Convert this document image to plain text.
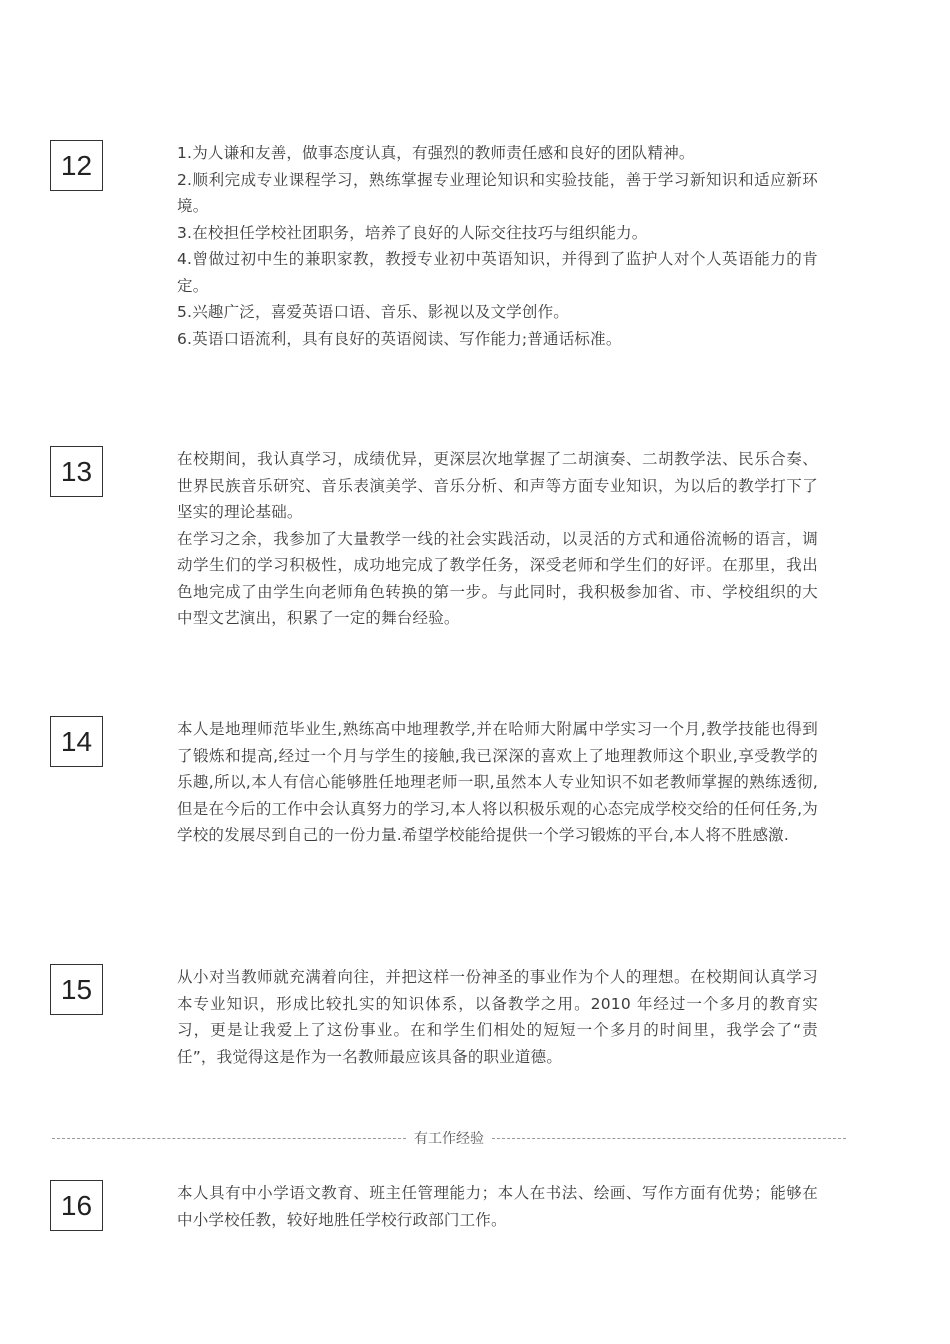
12	1.为人谦和友善，做事态度认真，有强烈的教师责任感和良好的团队精神。

2.顺利完成专业课程学习，熟练掌握专业理论知识和实验技能，善于学习新知识和适应新环境。

3.在校担任学校社团职务，培养了良好的人际交往技巧与组织能力。

4.曾做过初中生的兼职家教，教授专业初中英语知识，并得到了监护人对个人英语能力的肯定。

5.兴趣广泛，喜爱英语口语、音乐、影视以及文学创作。

6.英语口语流利，具有良好的英语阅读、写作能力;普通话标准。

13	在校期间，我认真学习，成绩优异，更深层次地掌握了二胡演奏、二胡教学法、民乐合奏、世界民族音乐研究、音乐表演美学、音乐分析、和声等方面专业知识，为以后的教学打下了坚实的理论基础。

在学习之余，我参加了大量教学一线的社会实践活动，以灵活的方式和通俗流畅的语言，调动学生们的学习积极性，成功地完成了教学任务，深受老师和学生们的好评。在那里，我出色地完成了由学生向老师角色转换的第一步。与此同时，我积极参加省、市、学校组织的大中型文艺演出，积累了一定的舞台经验。

14	本人是地理师范毕业生,熟练高中地理教学,并在哈师大附属中学实习一个月,教学技能也得到了锻炼和提高,经过一个月与学生的接触,我已深深的喜欢上了地理教师这个职业,享受教学的乐趣,所以,本人有信心能够胜任地理老师一职,虽然本人专业知识不如老教师掌握的熟练透彻,但是在今后的工作中会认真努力的学习,本人将以积极乐观的心态完成学校交给的任何任务,为学校的发展尽到自己的一份力量.希望学校能给提供一个学习锻炼的平台,本人将不胜感激.

15	从小对当教师就充满着向往，并把这样一份神圣的事业作为个人的理想。在校期间认真学习本专业知识，形成比较扎实的知识体系，以备教学之用。2010 年经过一个多月的教育实习，更是让我爱上了这份事业。在和学生们相处的短短一个多月的时间里，我学会了“责任”，我觉得这是作为一名教师最应该具备的职业道德。

有工作经验
16	本人具有中小学语文教育、班主任管理能力；本人在书法、绘画、写作方面有优势；能够在中小学校任教，较好地胜任学校行政部门工作。
